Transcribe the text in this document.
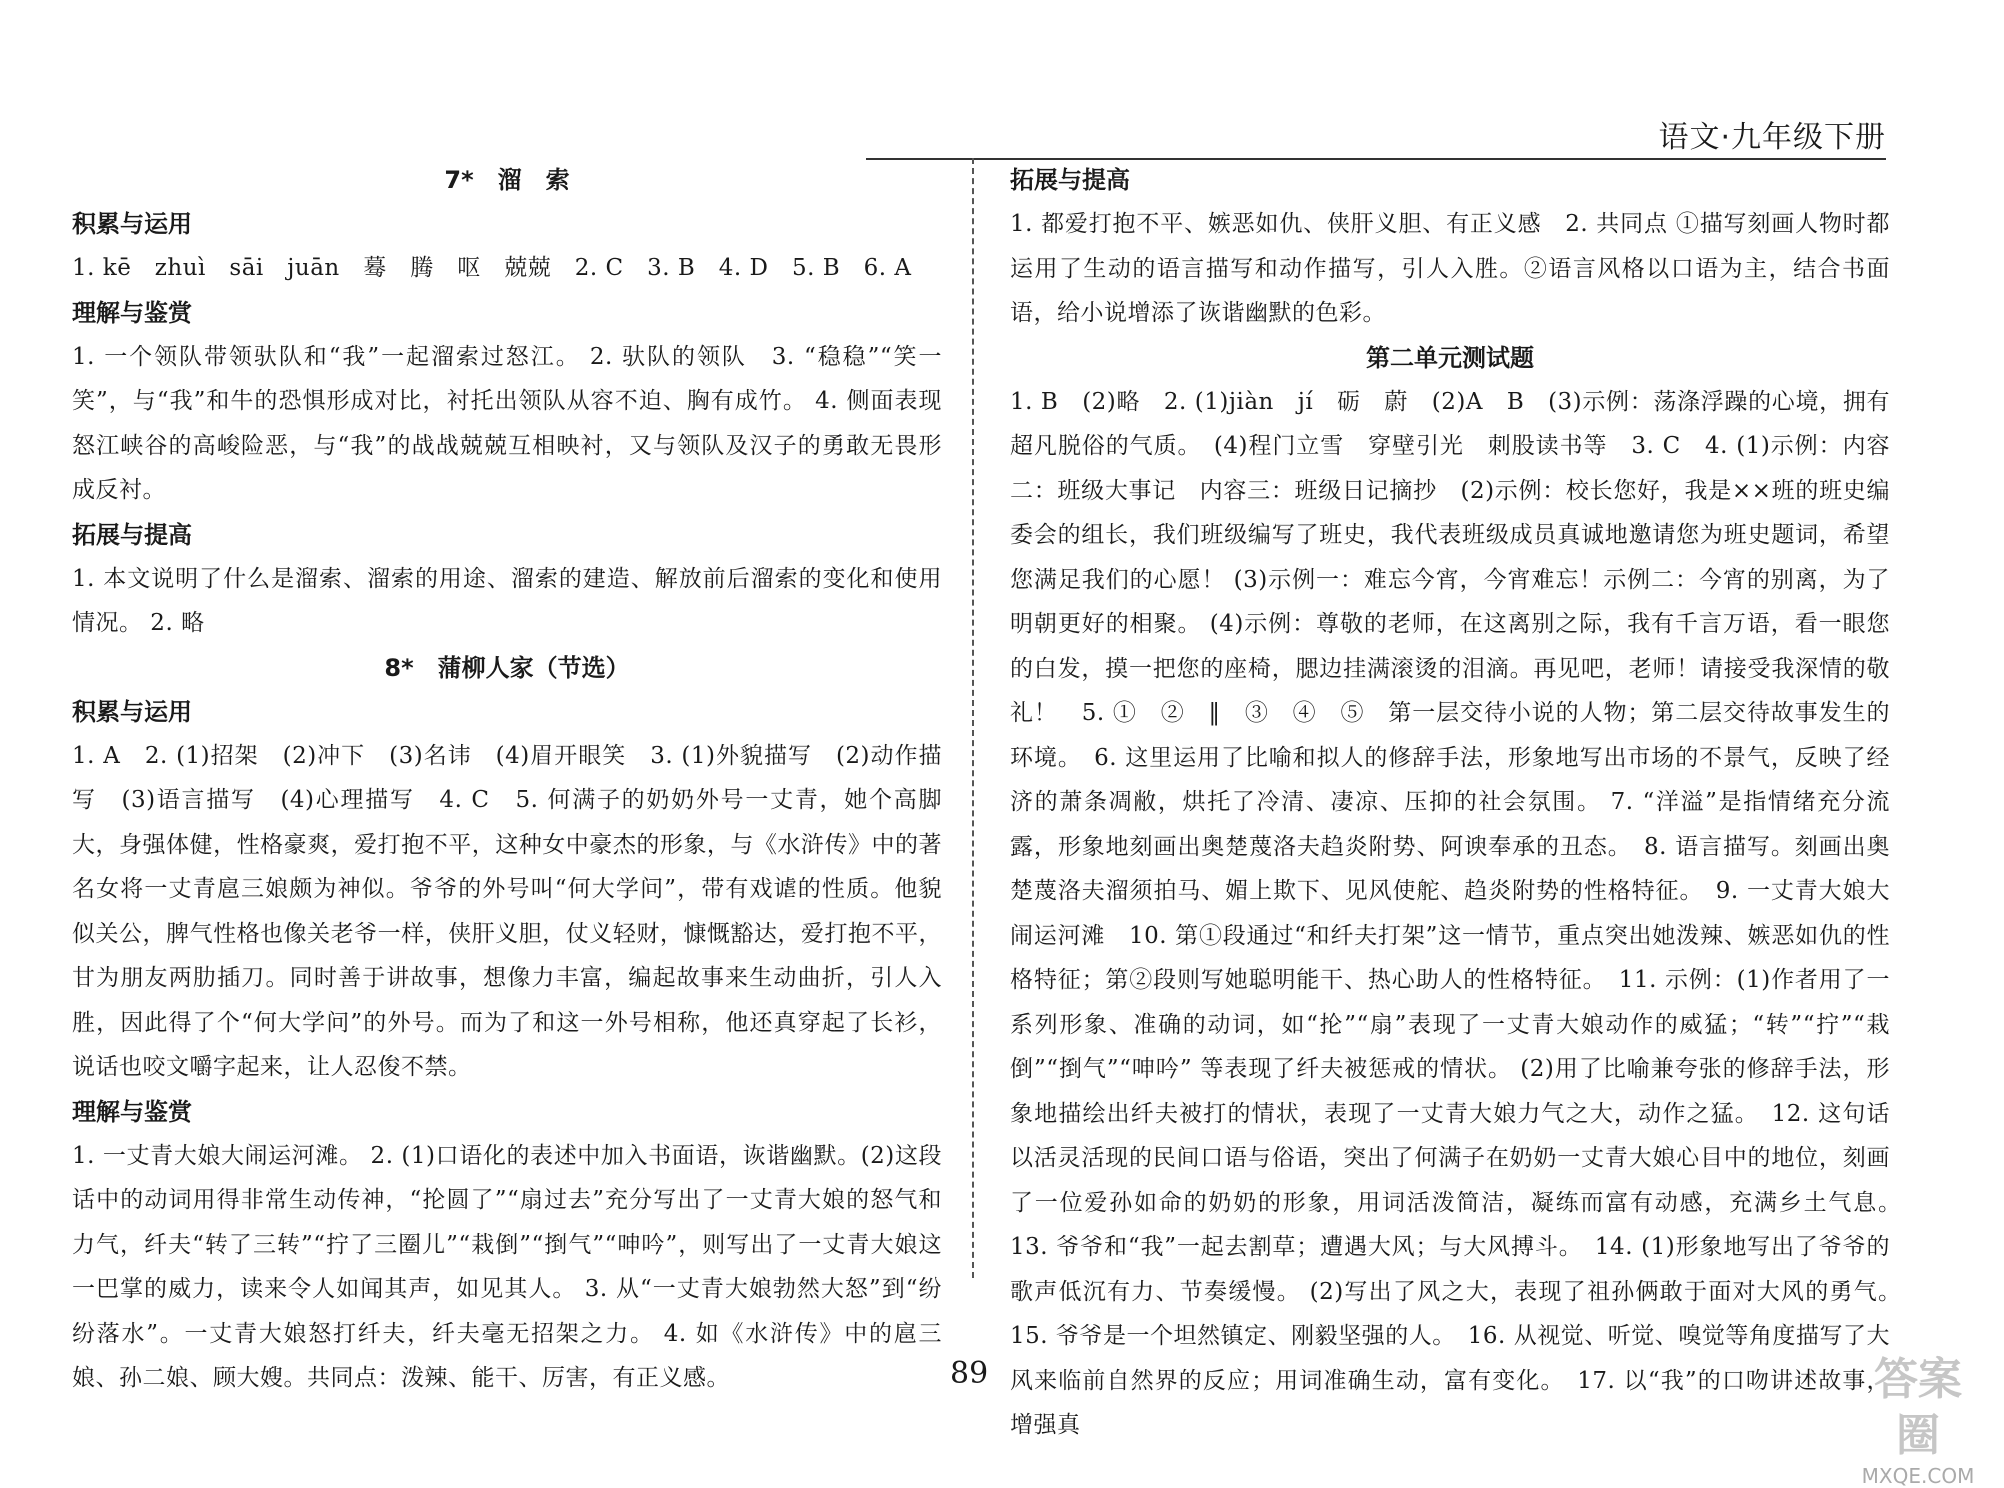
语文·九年级下册

7*　溜　索

积累与运用

1. kē　zhuì　sāi　juān　蓦　腾　呕　兢兢　2. C　3. B　4. D　5. B　6. A

理解与鉴赏

1. 一个领队带领驮队和“我”一起溜索过怒江。 2. 驮队的领队　3. “稳稳”“笑一笑”，与“我”和牛的恐惧形成对比，衬托出领队从容不迫、胸有成竹。 4. 侧面表现怒江峡谷的高峻险恶，与“我”的战战兢兢互相映衬，又与领队及汉子的勇敢无畏形成反衬。

拓展与提高

1. 本文说明了什么是溜索、溜索的用途、溜索的建造、解放前后溜索的变化和使用情况。 2. 略

8*　蒲柳人家（节选）

积累与运用

1. A　2. (1)招架　(2)冲下　(3)名讳　(4)眉开眼笑　3. (1)外貌描写　(2)动作描写　(3)语言描写　(4)心理描写　4. C　5. 何满子的奶奶外号一丈青，她个高脚大，身强体健，性格豪爽，爱打抱不平，这种女中豪杰的形象，与《水浒传》中的著名女将一丈青扈三娘颇为神似。爷爷的外号叫“何大学问”，带有戏谑的性质。他貌似关公，脾气性格也像关老爷一样，侠肝义胆，仗义轻财，慷慨豁达，爱打抱不平，甘为朋友两肋插刀。同时善于讲故事，想像力丰富，编起故事来生动曲折，引人入胜，因此得了个“何大学问”的外号。而为了和这一外号相称，他还真穿起了长衫，说话也咬文嚼字起来，让人忍俊不禁。

理解与鉴赏

1. 一丈青大娘大闹运河滩。 2. (1)口语化的表述中加入书面语，诙谐幽默。(2)这段话中的动词用得非常生动传神，“抡圆了”“扇过去”充分写出了一丈青大娘的怒气和力气，纤夫“转了三转”“拧了三圈儿”“栽倒”“捯气”“呻吟”，则写出了一丈青大娘这一巴掌的威力，读来令人如闻其声，如见其人。 3. 从“一丈青大娘勃然大怒”到“纷纷落水”。一丈青大娘怒打纤夫，纤夫毫无招架之力。 4. 如《水浒传》中的扈三娘、孙二娘、顾大嫂。共同点：泼辣、能干、厉害，有正义感。

拓展与提高

1. 都爱打抱不平、嫉恶如仇、侠肝义胆、有正义感　2. 共同点 ①描写刻画人物时都运用了生动的语言描写和动作描写，引人入胜。②语言风格以口语为主，结合书面语，给小说增添了诙谐幽默的色彩。

第二单元测试题

1. B　(2)略　2. (1)jiàn　jí　砺　蔚　(2)A　B　(3)示例：荡涤浮躁的心境，拥有超凡脱俗的气质。　(4)程门立雪　穿壁引光　刺股读书等　3. C　4. (1)示例：内容二：班级大事记　内容三：班级日记摘抄　(2)示例：校长您好，我是××班的班史编委会的组长，我们班级编写了班史，我代表班级成员真诚地邀请您为班史题词，希望您满足我们的心愿！ (3)示例一：难忘今宵，今宵难忘！示例二：今宵的别离，为了明朝更好的相聚。 (4)示例：尊敬的老师，在这离别之际，我有千言万语，看一眼您的白发，摸一把您的座椅，腮边挂满滚烫的泪滴。再见吧，老师！请接受我深情的敬礼！　5. ①　②　‖　③　④　⑤　第一层交待小说的人物；第二层交待故事发生的环境。　6. 这里运用了比喻和拟人的修辞手法，形象地写出市场的不景气，反映了经济的萧条凋敝，烘托了冷清、凄凉、压抑的社会氛围。 7. “洋溢”是指情绪充分流露，形象地刻画出奥楚蔑洛夫趋炎附势、阿谀奉承的丑态。　8. 语言描写。刻画出奥楚蔑洛夫溜须拍马、媚上欺下、见风使舵、趋炎附势的性格特征。　9. 一丈青大娘大闹运河滩　10. 第①段通过“和纤夫打架”这一情节，重点突出她泼辣、嫉恶如仇的性格特征；第②段则写她聪明能干、热心助人的性格特征。　11. 示例：(1)作者用了一系列形象、准确的动词，如“抡”“扇”表现了一丈青大娘动作的威猛；“转”“拧”“栽倒”“捯气”“呻吟” 等表现了纤夫被惩戒的情状。 (2)用了比喻兼夸张的修辞手法，形象地描绘出纤夫被打的情状，表现了一丈青大娘力气之大，动作之猛。　12. 这句话以活灵活现的民间口语与俗语，突出了何满子在奶奶一丈青大娘心目中的地位，刻画了一位爱孙如命的奶奶的形象，用词活泼简洁，凝练而富有动感，充满乡土气息。　13. 爷爷和“我”一起去割草；遭遇大风；与大风搏斗。　14. (1)形象地写出了爷爷的歌声低沉有力、节奏缓慢。 (2)写出了风之大，表现了祖孙俩敢于面对大风的勇气。　15. 爷爷是一个坦然镇定、刚毅坚强的人。　16. 从视觉、听觉、嗅觉等角度描写了大风来临前自然界的反应；用词准确生动，富有变化。　17. 以“我”的口吻讲述故事，增强真

89	答案圈
MXQE.COM
